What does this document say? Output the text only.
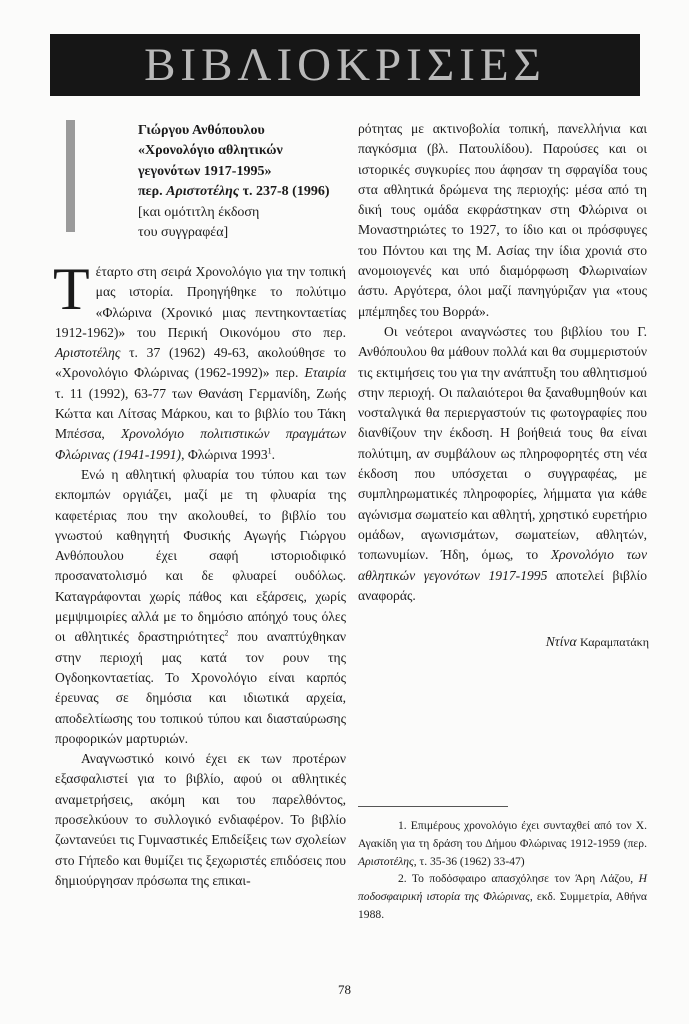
ΒΙΒΛΙΟΚΡΙΣΙΕΣ
Γιώργου Ανθόπουλου
«Χρονολόγιο αθλητικών
γεγονότων 1917-1995»
περ. Αριστοτέλης τ. 237-8 (1996)
[και ομότιτλη έκδοση
του συγγραφέα]

Τέταρτο στη σειρά Χρονολόγιο για την τοπική μας ιστορία. Προηγήθηκε το πολύτιμο «Φλώρινα (Χρονικό μιας πεντηκονταετίας 1912-1962)» του Περική Οικονόμου στο περ. Αριστοτέλης τ. 37 (1962) 49-63, ακολούθησε το «Χρονολόγιο Φλώρινας (1962-1992)» περ. Εταιρία τ. 11 (1992), 63-77 των Θανάση Γερμανίδη, Ζωής Κώττα και Λίτσας Μάρκου, και το βιβλίο του Τάκη Μπέσσα, Χρονολόγιο πολιτιστικών πραγμάτων Φλώρινας (1941-1991), Φλώρινα 1993$^1$.

Ενώ η αθλητική φλυαρία του τύπου και των εκπομπών οργιάζει, μαζί με τη φλυαρία της καφετέριας που την ακολουθεί, το βιβλίο του γνωστού καθηγητή Φυσικής Αγωγής Γιώργου Ανθόπουλου έχει σαφή ιστοριοδιφικό προσανατολισμό και δε φλυαρεί ουδόλως. Καταγράφονται χωρίς πάθος και εξάρσεις, χωρίς μεμψιμοιρίες αλλά με το δημόσιο απόηχό τους όλες οι αθλητικές δραστηριότητες$^2$ που αναπτύχθηκαν στην περιοχή μας κατά τον ρουν της Ογδοηκονταετίας. Το Χρονολόγιο είναι καρπός έρευνας σε δημόσια και ιδιωτικά αρχεία, αποδελτίωσης του τοπικού τύπου και διασταύρωσης προφορικών μαρτυριών.

Αναγνωστικό κοινό έχει εκ των προτέρων εξασφαλιστεί για το βιβλίο, αφού οι αθλητικές αναμετρήσεις, ακόμη και του παρελθόντος, προσελκύουν το συλλογικό ενδιαφέρον. Το βιβλίο ζωντανεύει τις Γυμναστικές Επιδείξεις των σχολείων στο Γήπεδο και θυμίζει τις ξεχωριστές επιδόσεις που δημιούργησαν πρόσωπα της επικαι-

ρότητας με ακτινοβολία τοπική, πανελλήνια και παγκόσμια (βλ. Πατουλίδου). Παρούσες και οι ιστορικές συγκυρίες που άφησαν τη σφραγίδα τους στα αθλητικά δρώμενα της περιοχής: μέσα από τη δική τους ομάδα εκφράστηκαν στη Φλώρινα οι Μοναστηριώτες το 1927, το ίδιο και οι πρόσφυγες του Πόντου και της Μ. Ασίας την ίδια χρονιά στο ανομοιογενές και υπό διαμόρφωση Φλωριναίων άστυ. Αργότερα, όλοι μαζί πανηγύριζαν για «τους μπέμπηδες του Βορρά».

Οι νεότεροι αναγνώστες του βιβλίου του Γ. Ανθόπουλου θα μάθουν πολλά και θα συμμεριστούν τις εκτιμήσεις του για την ανάπτυξη του αθλητισμού στην περιοχή. Οι παλαιότεροι θα ξαναθυμηθούν και νοσταλγικά θα περιεργαστούν τις φωτογραφίες που διανθίζουν την έκδοση. Η βοήθειά τους θα είναι πολύτιμη, αν συμβάλουν ως πληροφορητές στη νέα έκδοση που υπόσχεται ο συγγραφέας, με συμπληρωματικές πληροφορίες, λήμματα για κάθε αγώνισμα σωματείο και αθλητή, χρηστικό ευρετήριο ομάδων, αγωνισμάτων, σωματείων, αθλητών, τοπωνυμίων. Ήδη, όμως, το Χρονολόγιο των αθλητικών γεγονότων 1917-1995 αποτελεί βιβλίο αναφοράς.

Ντίνα Καραμπατάκη

1. Επιμέρους χρονολόγιο έχει συνταχθεί από τον Χ. Αγακίδη για τη δράση του Δήμου Φλώρινας 1912-1959 (περ. Αριστοτέλης, τ. 35-36 (1962) 33-47)

2. Το ποδόσφαιρο απασχόλησε τον Άρη Λάζου, Η ποδοσφαιρική ιστορία της Φλώρινας, εκδ. Συμμετρία, Αθήνα 1988.

78
